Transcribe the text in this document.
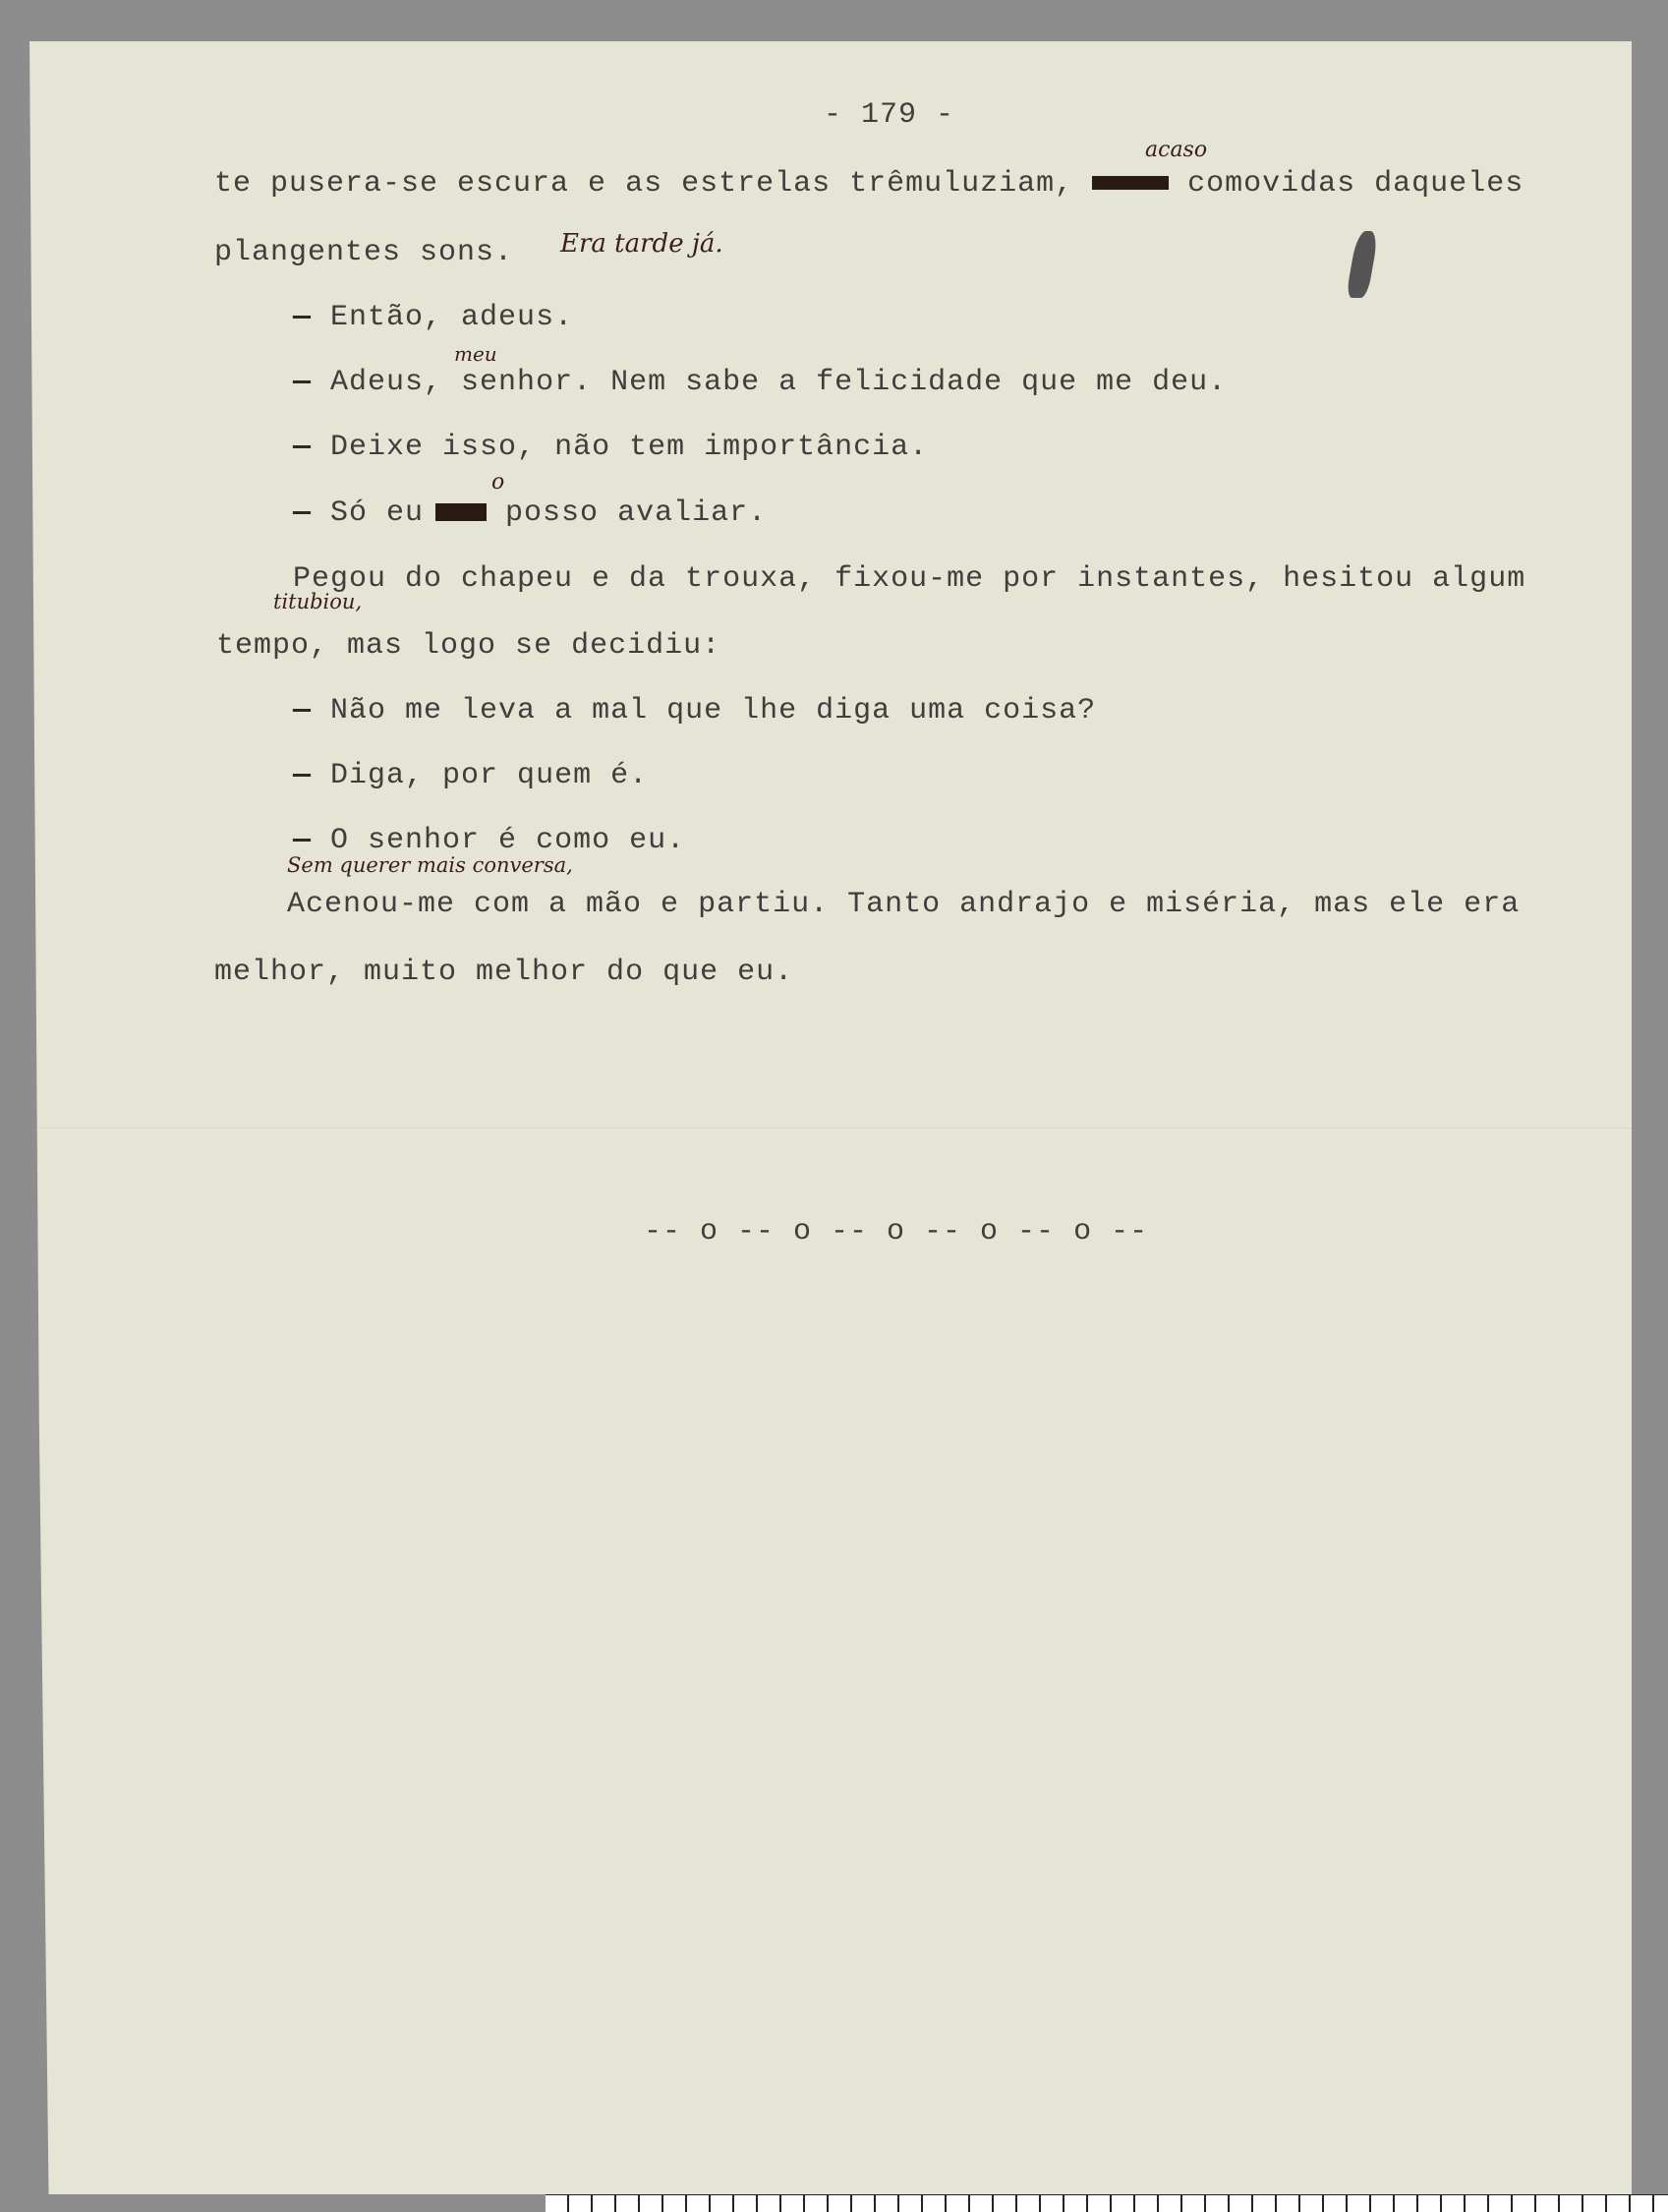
- 179 -
te pusera-se escura e as estrelas trêmuluziam,	comovidas daqueles
acaso
plangentes sons. Era tarde já.
— Então, adeus.
meu
— Adeus, senhor. Nem sabe a felicidade que me deu.
— Deixe isso, não tem importância.
o
— Só eu posso avaliar.
Pegou do chapeu e da trouxa, fixou-me por instantes, hesitou algum
titubiou,
tempo, mas logo se decidiu:
— Não me leva a mal que lhe diga uma coisa?
— Diga, por quem é.
— O senhor é como eu.
Sem querer mais conversa,
Acenou-me com a mão e partiu. Tanto andrajo e miséria, mas ele era
melhor, muito melhor do que eu.
-- o -- o -- o -- o -- o --
